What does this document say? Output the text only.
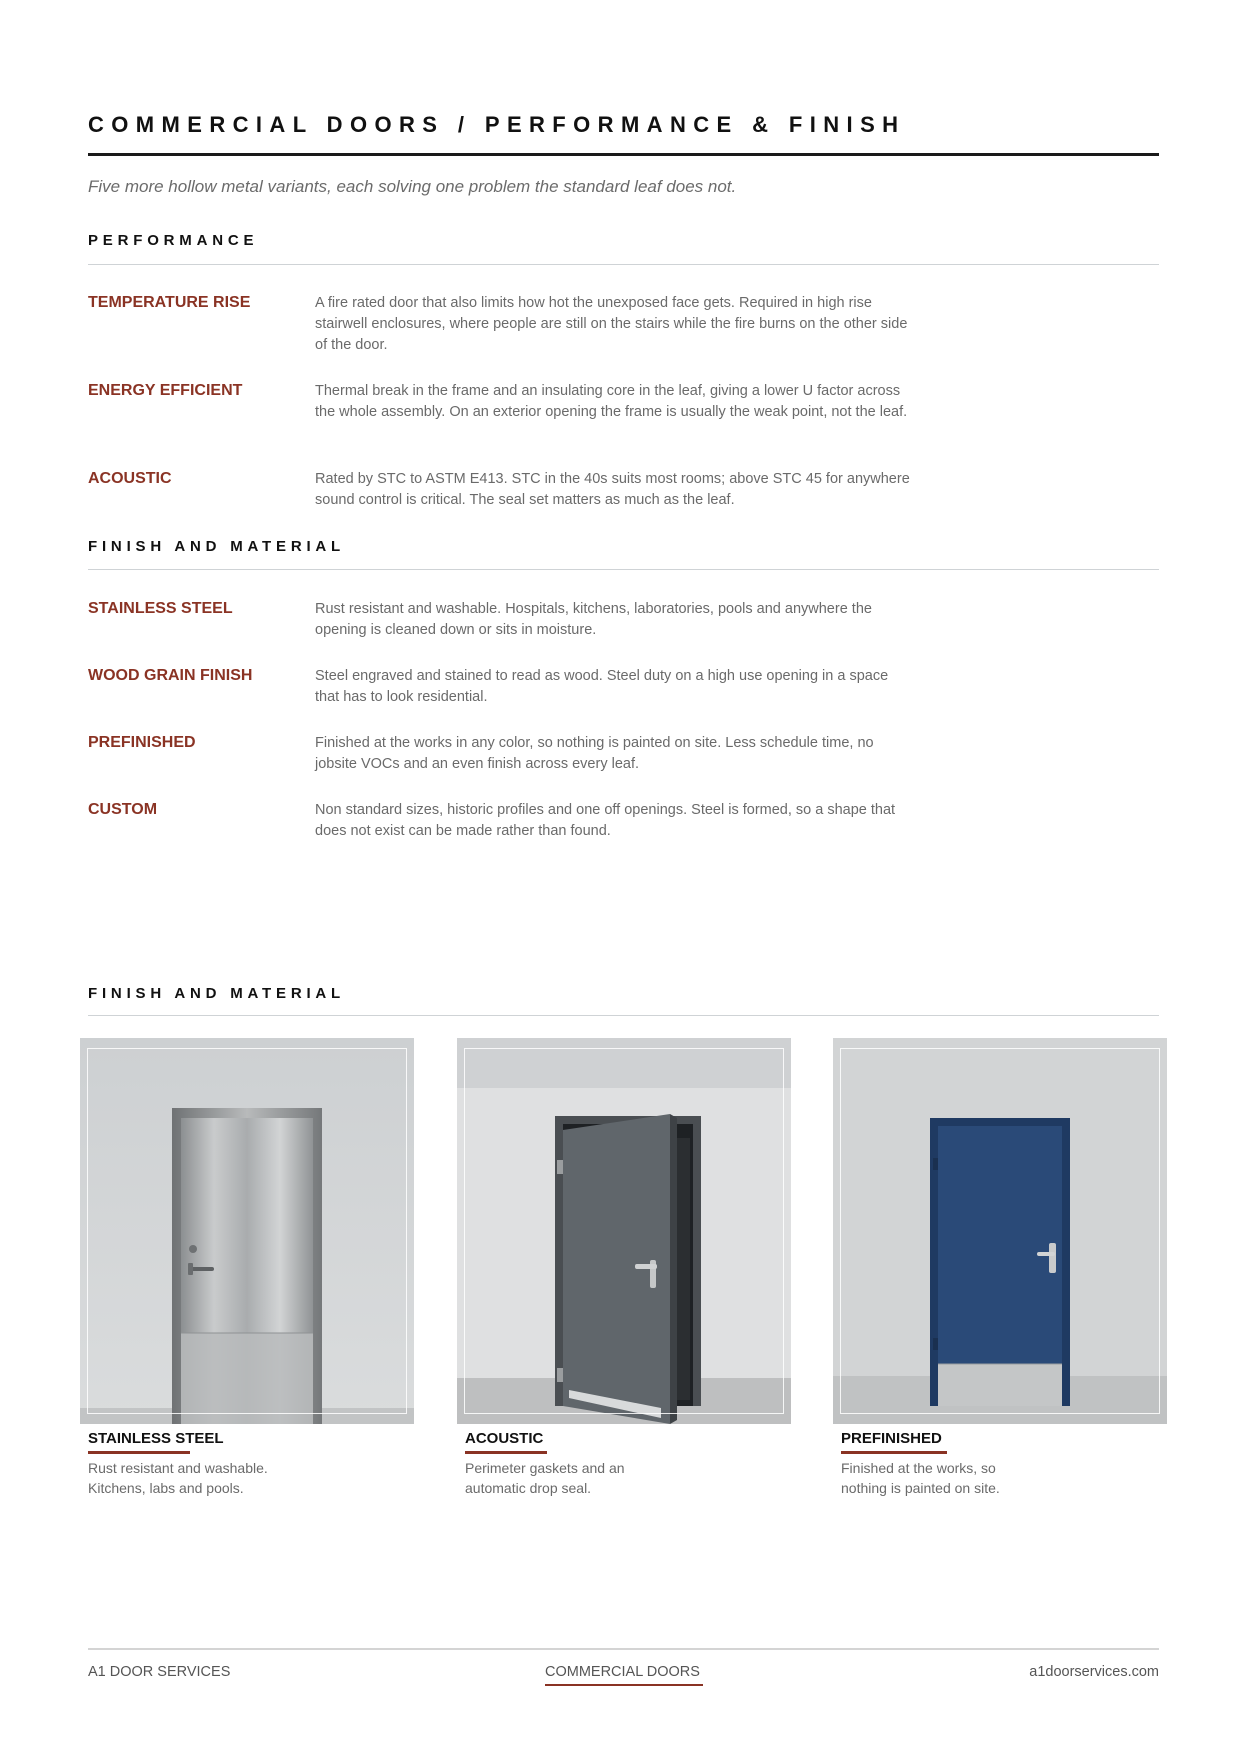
COMMERCIAL DOORS / PERFORMANCE & FINISH
Five more hollow metal variants, each solving one problem the standard leaf does not.
PERFORMANCE
TEMPERATURE RISE	A fire rated door that also limits how hot the unexposed face gets. Required in high rise stairwell enclosures, where people are still on the stairs while the fire burns on the other side of the door.
ENERGY EFFICIENT	Thermal break in the frame and an insulating core in the leaf, giving a lower U factor across the whole assembly. On an exterior opening the frame is usually the weak point, not the leaf.
ACOUSTIC	Rated by STC to ASTM E413. STC in the 40s suits most rooms; above STC 45 for anywhere sound control is critical. The seal set matters as much as the leaf.
FINISH AND MATERIAL
STAINLESS STEEL	Rust resistant and washable. Hospitals, kitchens, laboratories, pools and anywhere the opening is cleaned down or sits in moisture.
WOOD GRAIN FINISH	Steel engraved and stained to read as wood. Steel duty on a high use opening in a space that has to look residential.
PREFINISHED	Finished at the works in any color, so nothing is painted on site. Less schedule time, no jobsite VOCs and an even finish across every leaf.
CUSTOM	Non standard sizes, historic profiles and one off openings. Steel is formed, so a shape that does not exist can be made rather than found.
FINISH AND MATERIAL
STAINLESS STEEL
Rust resistant and washable.
Kitchens, labs and pools.
ACOUSTIC
Perimeter gaskets and an
automatic drop seal.
PREFINISHED
Finished at the works, so
nothing is painted on site.
A1 DOOR SERVICES	COMMERCIAL DOORS	a1doorservices.com
